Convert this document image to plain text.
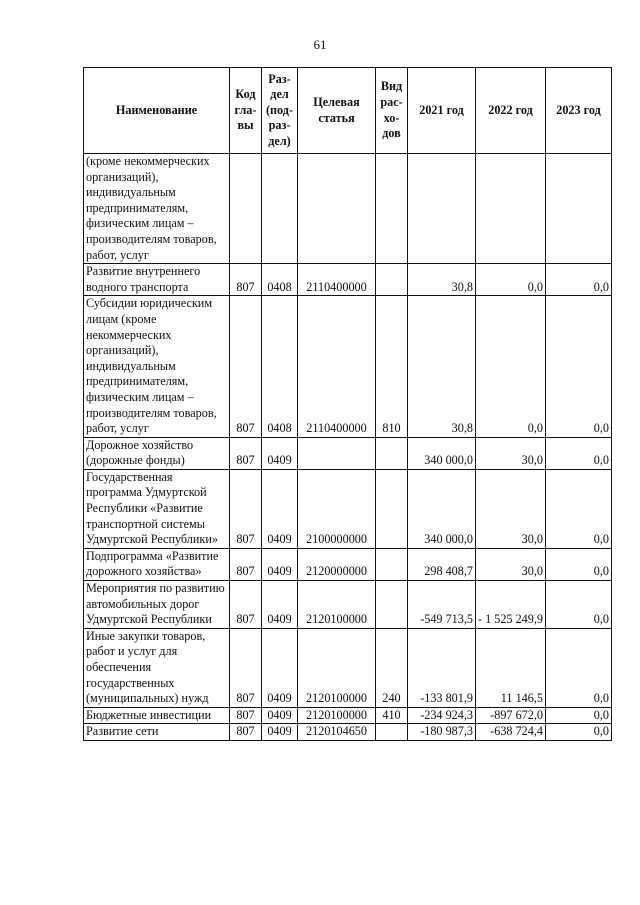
61
Наименование	Код гла-вы	Раз-дел (под-раз-дел)	Целевая статья	Вид рас-хо-дов	2021 год	2022 год	2023 год
(кроме некоммерческих организаций), индивидуальным предпринимателям, физическим лицам – производителям товаров, работ, услуг							
Развитие внутреннего водного транспорта	807	0408	2110400000		30,8	0,0	0,0
Субсидии юридическим лицам (кроме некоммерческих организаций), индивидуальным предпринимателям, физическим лицам – производителям товаров, работ, услуг	807	0408	2110400000	810	30,8	0,0	0,0
Дорожное хозяйство (дорожные фонды)	807	0409			340 000,0	30,0	0,0
Государственная программа Удмуртской Республики «Развитие транспортной системы Удмуртской Республики»	807	0409	2100000000		340 000,0	30,0	0,0
Подпрограмма «Развитие дорожного хозяйства»	807	0409	2120000000		298 408,7	30,0	0,0
Мероприятия по развитию автомобильных дорог Удмуртской Республики	807	0409	2120100000		-549 713,5	- 1 525 249,9	0,0
Иные закупки товаров, работ и услуг для обеспечения государственных (муниципальных) нужд	807	0409	2120100000	240	-133 801,9	11 146,5	0,0
Бюджетные инвестиции	807	0409	2120100000	410	-234 924,3	-897 672,0	0,0
Развитие сети	807	0409	2120104650		-180 987,3	-638 724,4	0,0
